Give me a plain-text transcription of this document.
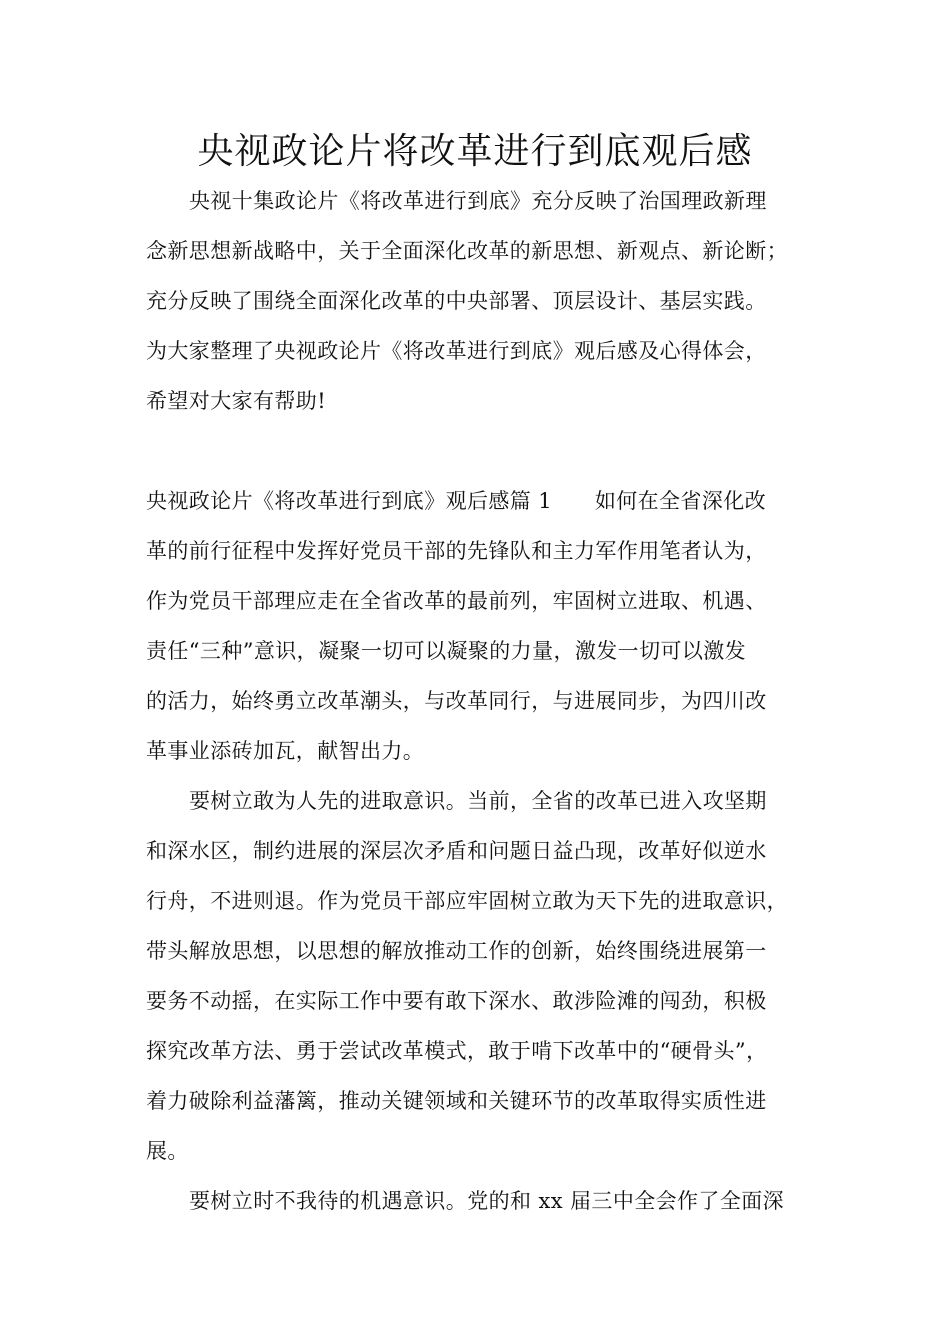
央视政论片将改革进行到底观后感
央视十集政论片《将改革进行到底》充分反映了治国理政新理
念新思想新战略中，关于全面深化改革的新思想、新观点、新论断；
充分反映了围绕全面深化改革的中央部署、顶层设计、基层实践。
为大家整理了央视政论片《将改革进行到底》观后感及心得体会，
希望对大家有帮助!
央视政论片《将改革进行到底》观后感篇 1　　如何在全省深化改
革的前行征程中发挥好党员干部的先锋队和主力军作用笔者认为，
作为党员干部理应走在全省改革的最前列，牢固树立进取、机遇、
责任“三种”意识，凝聚一切可以凝聚的力量，激发一切可以激发
的活力，始终勇立改革潮头，与改革同行，与进展同步，为四川改
革事业添砖加瓦，献智出力。
要树立敢为人先的进取意识。当前，全省的改革已进入攻坚期
和深水区，制约进展的深层次矛盾和问题日益凸现，改革好似逆水
行舟，不进则退。作为党员干部应牢固树立敢为天下先的进取意识，
带头解放思想，以思想的解放推动工作的创新，始终围绕进展第一
要务不动摇，在实际工作中要有敢下深水、敢涉险滩的闯劲，积极
探究改革方法、勇于尝试改革模式，敢于啃下改革中的“硬骨头”，
着力破除利益藩篱，推动关键领域和关键环节的改革取得实质性进
展。
要树立时不我待的机遇意识。党的和 xx 届三中全会作了全面深
